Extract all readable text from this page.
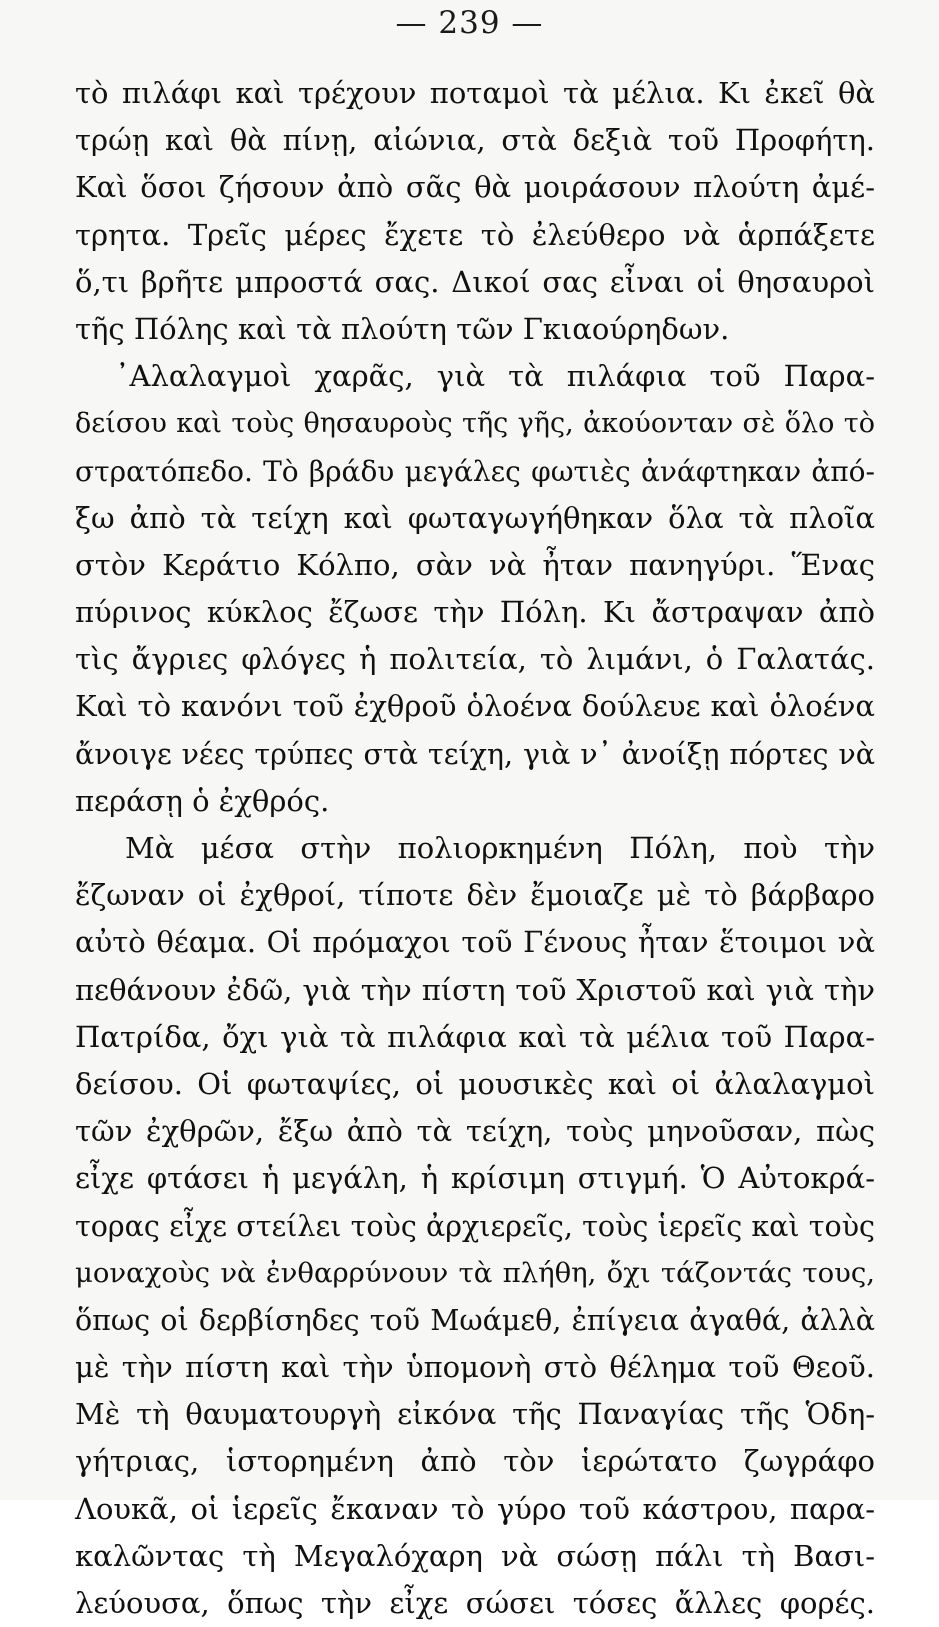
— 239 —
τὸ πιλάφι καὶ τρέχουν ποταμοὶ τὰ μέλια. Κι ἐκεῖ θὰ
τρώῃ καὶ θὰ πίνῃ, αἰώνια, στὰ δεξιὰ τοῦ Προφήτη.
Καὶ ὅσοι ζήσουν ἀπὸ σᾶς θὰ μοιράσουν πλούτη ἀμέ-
τρητα. Τρεῖς μέρες ἔχετε τὸ ἐλεύθερο νὰ ἁρπάξετε
ὅ,τι βρῆτε μπροστά σας. Δικοί σας εἶναι οἱ θησαυροὶ
τῆς Πόλης καὶ τὰ πλούτη τῶν Γκιαούρηδων.
᾿Αλαλαγμοὶ χαρᾶς, γιὰ τὰ πιλάφια τοῦ Παρα-
δείσου καὶ τοὺς θησαυροὺς τῆς γῆς, ἀκούονταν σὲ ὅλο τὸ
στρατόπεδο. Τὸ βράδυ μεγάλες φωτιὲς ἀνάφτηκαν ἀπό-
ξω ἀπὸ τὰ τείχη καὶ φωταγωγήθηκαν ὅλα τὰ πλοῖα
στὸν Κεράτιο Κόλπο, σὰν νὰ ἦταν πανηγύρι. Ἕνας
πύρινος κύκλος ἔζωσε τὴν Πόλη. Κι ἄστραψαν ἀπὸ
τὶς ἄγριες φλόγες ἡ πολιτεία, τὸ λιμάνι, ὁ Γαλατάς.
Καὶ τὸ κανόνι τοῦ ἐχθροῦ ὁλοένα δούλευε καὶ ὁλοένα
ἄνοιγε νέες τρύπες στὰ τείχη, γιὰ ν᾿ ἀνοίξῃ πόρτες νὰ
περάσῃ ὁ ἐχθρός.
Μὰ μέσα στὴν πολιορκημένη Πόλη, ποὺ τὴν
ἔζωναν οἱ ἐχθροί, τίποτε δὲν ἔμοιαζε μὲ τὸ βάρβαρο
αὐτὸ θέαμα. Οἱ πρόμαχοι τοῦ Γένους ἦταν ἕτοιμοι νὰ
πεθάνουν ἐδῶ, γιὰ τὴν πίστη τοῦ Χριστοῦ καὶ γιὰ τὴν
Πατρίδα, ὄχι γιὰ τὰ πιλάφια καὶ τὰ μέλια τοῦ Παρα-
δείσου. Οἱ φωταψίες, οἱ μουσικὲς καὶ οἱ ἀλαλαγμοὶ
τῶν ἐχθρῶν, ἔξω ἀπὸ τὰ τείχη, τοὺς μηνοῦσαν, πὼς
εἶχε φτάσει ἡ μεγάλη, ἡ κρίσιμη στιγμή. Ὁ Αὐτοκρά-
τορας εἶχε στείλει τοὺς ἀρχιερεῖς, τοὺς ἱερεῖς καὶ τοὺς
μοναχοὺς νὰ ἐνθαρρύνουν τὰ πλήθη, ὄχι τάζοντάς τους,
ὅπως οἱ δερβίσηδες τοῦ Μωάμεθ, ἐπίγεια ἀγαθά, ἀλλὰ
μὲ τὴν πίστη καὶ τὴν ὑπομονὴ στὸ θέλημα τοῦ Θεοῦ.
Μὲ τὴ θαυματουργὴ εἰκόνα τῆς Παναγίας τῆς Ὁδη-
γήτριας, ἱστορημένη ἀπὸ τὸν ἱερώτατο ζωγράφο
Λουκᾶ, οἱ ἱερεῖς ἔκαναν τὸ γύρο τοῦ κάστρου, παρα-
καλῶντας τὴ Μεγαλόχαρη νὰ σώσῃ πάλι τὴ Βασι-
λεύουσα, ὅπως τὴν εἶχε σώσει τόσες ἄλλες φορές.
